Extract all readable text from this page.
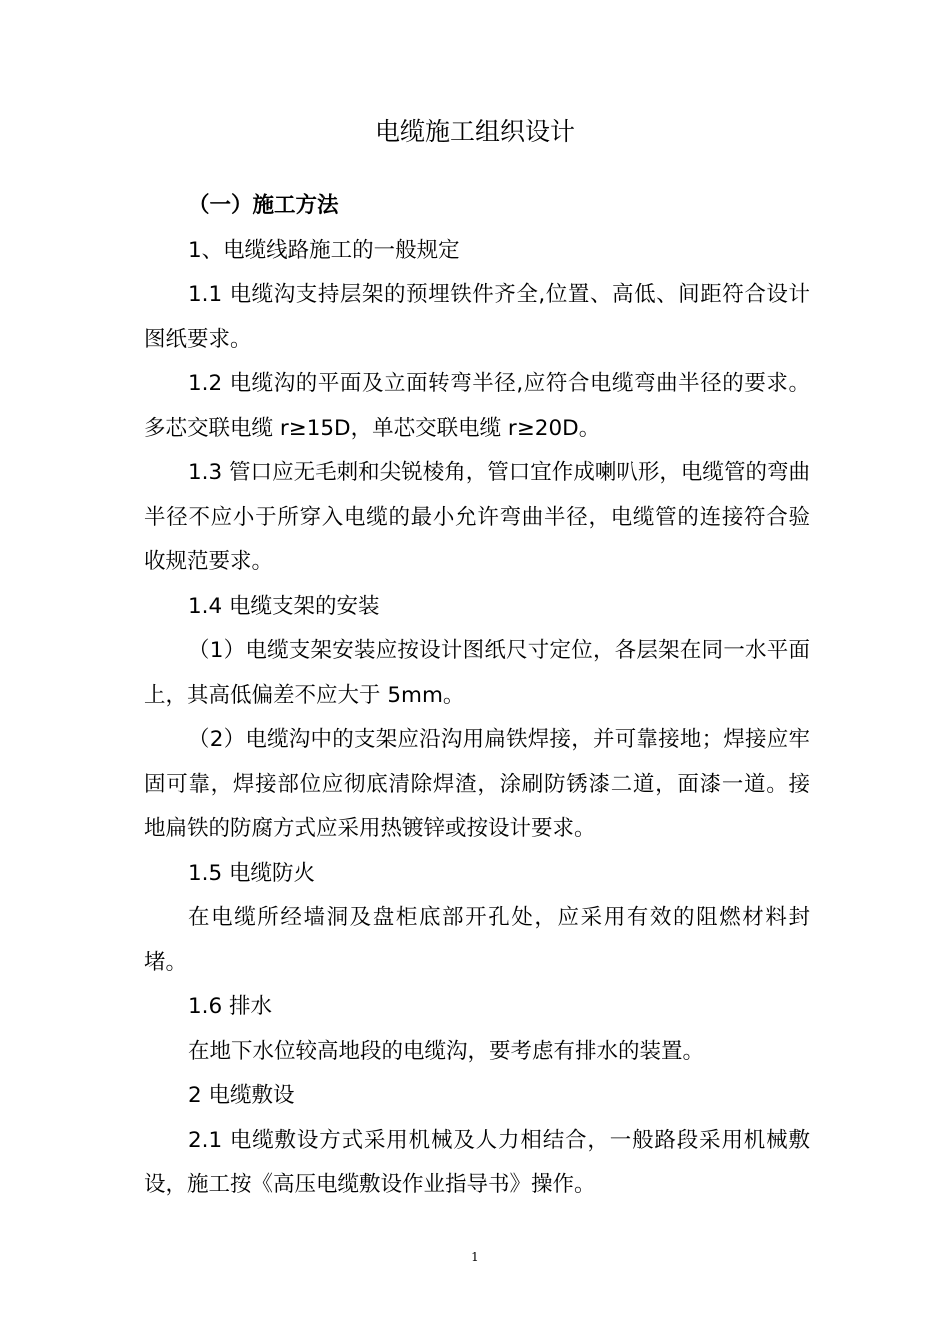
电缆施工组织设计

（一）施工方法

1、电缆线路施工的一般规定

1.1 电缆沟支持层架的预埋铁件齐全,位置、高低、间距符合设计图纸要求。

1.2 电缆沟的平面及立面转弯半径,应符合电缆弯曲半径的要求。多芯交联电缆 r≥15D，单芯交联电缆 r≥20D。

1.3 管口应无毛刺和尖锐棱角，管口宜作成喇叭形，电缆管的弯曲半径不应小于所穿入电缆的最小允许弯曲半径，电缆管的连接符合验收规范要求。

1.4 电缆支架的安装

（1）电缆支架安装应按设计图纸尺寸定位，各层架在同一水平面上，其高低偏差不应大于 5mm。

（2）电缆沟中的支架应沿沟用扁铁焊接，并可靠接地；焊接应牢固可靠，焊接部位应彻底清除焊渣，涂刷防锈漆二道，面漆一道。接地扁铁的防腐方式应采用热镀锌或按设计要求。

1.5 电缆防火

在电缆所经墙洞及盘柜底部开孔处，应采用有效的阻燃材料封堵。

1.6 排水

在地下水位较高地段的电缆沟，要考虑有排水的装置。

2 电缆敷设

2.1 电缆敷设方式采用机械及人力相结合，一般路段采用机械敷设，施工按《高压电缆敷设作业指导书》操作。

1
